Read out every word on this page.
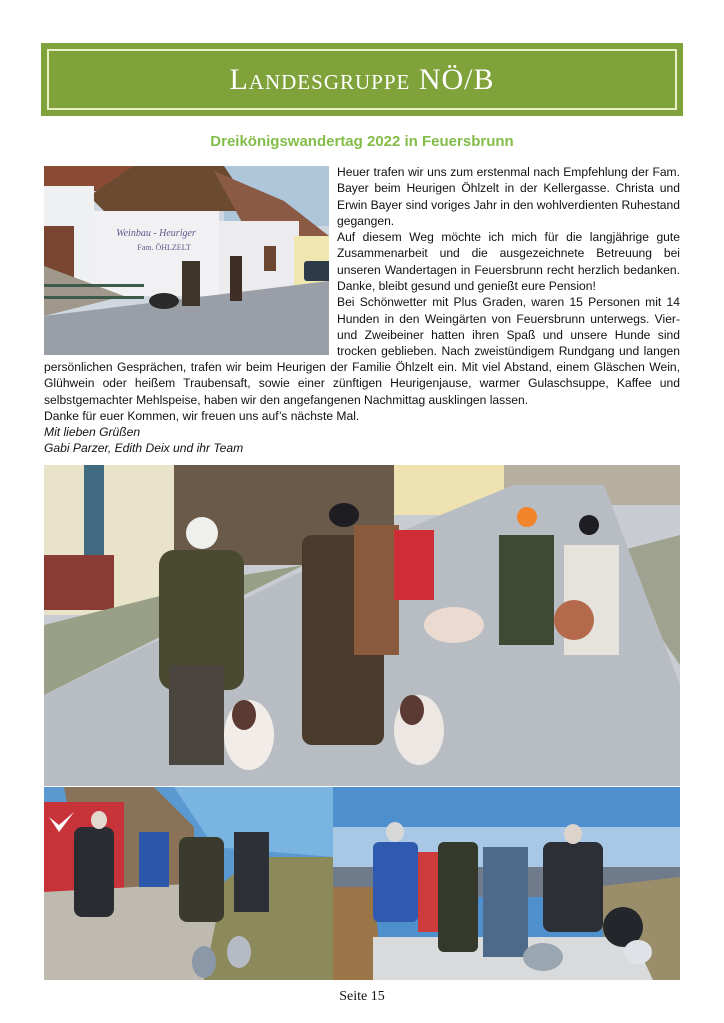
Landesgruppe NÖ/B
Dreikönigswandertag 2022 in Feuersbrunn
Weinbau - Heuriger
Fam. ÖHLZELT

Heuer trafen wir uns zum erstenmal nach Empfehlung der Fam. Bayer beim Heurigen Öhlzelt in der Kellergasse. Christa und Erwin Bayer sind voriges Jahr in den wohlverdienten Ruhestand gegangen.

Auf diesem Weg möchte ich mich für die langjährige gute Zusammenarbeit und die ausgezeichnete Betreuung bei unseren Wandertagen in Feuersbrunn recht herzlich bedanken. Danke, bleibt gesund und genießt eure Pension!

Bei Schönwetter mit Plus Graden, waren 15 Personen mit 14 Hunden in den Weingärten von Feuersbrunn unterwegs. Vier- und Zweibeiner hatten ihren Spaß und unsere Hunde sind trocken geblieben. Nach zweistündigem Rundgang und langen

persönlichen Gesprächen, trafen wir beim Heurigen der Familie Öhlzelt ein. Mit viel Abstand, einem Gläschen Wein, Glühwein oder heißem Traubensaft, sowie einer zünftigen Heurigenjause, warmer Gulaschsuppe, Kaffee und selbstgemachter Mehlspeise, haben wir den angefangenen Nachmittag ausklingen lassen.

Danke für euer Kommen, wir freuen uns auf’s nächste Mal.

Mit lieben Grüßen

Gabi Parzer, Edith Deix und ihr Team

Seite 15
